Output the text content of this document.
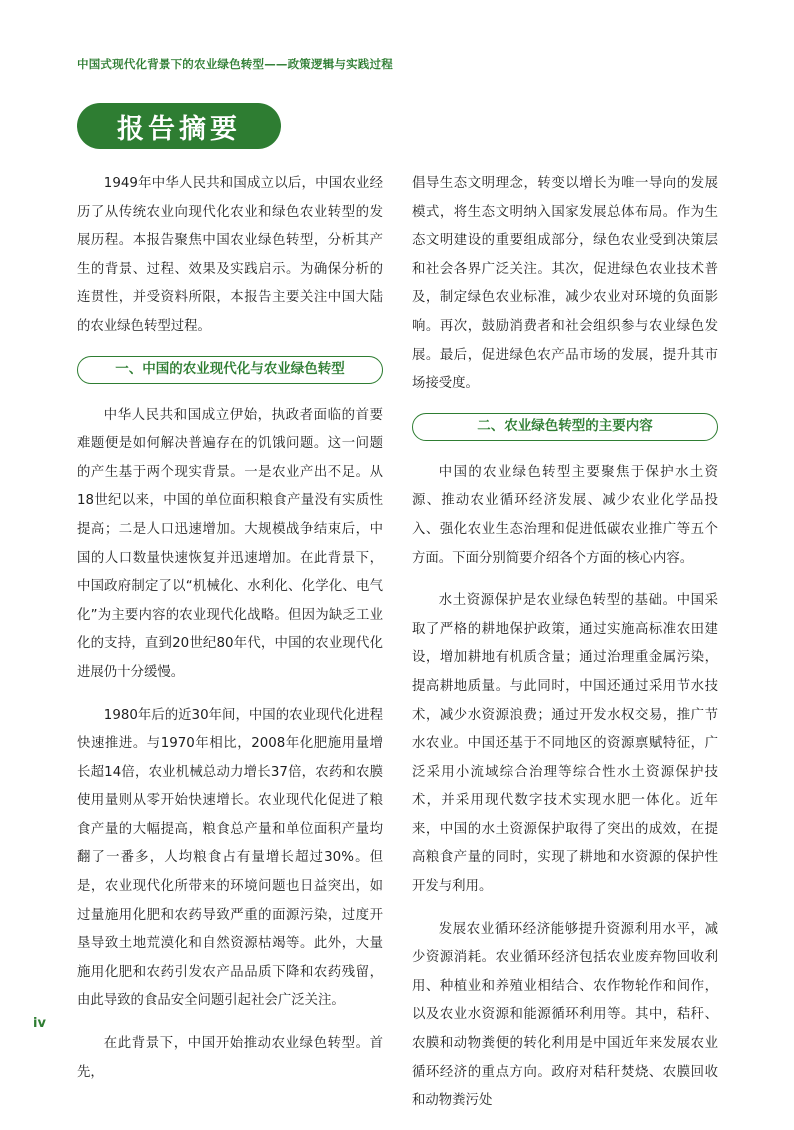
中国式现代化背景下的农业绿色转型——政策逻辑与实践过程
报告摘要

1949年中华人民共和国成立以后，中国农业经历了从传统农业向现代化农业和绿色农业转型的发展历程。本报告聚焦中国农业绿色转型，分析其产生的背景、过程、效果及实践启示。为确保分析的连贯性，并受资料所限，本报告主要关注中国大陆的农业绿色转型过程。

一、中国的农业现代化与农业绿色转型

中华人民共和国成立伊始，执政者面临的首要难题便是如何解决普遍存在的饥饿问题。这一问题的产生基于两个现实背景。一是农业产出不足。从18世纪以来，中国的单位面积粮食产量没有实质性提高；二是人口迅速增加。大规模战争结束后，中国的人口数量快速恢复并迅速增加。在此背景下，中国政府制定了以“机械化、水利化、化学化、电气化”为主要内容的农业现代化战略。但因为缺乏工业化的支持，直到20世纪80年代，中国的农业现代化进展仍十分缓慢。

1980年后的近30年间，中国的农业现代化进程快速推进。与1970年相比，2008年化肥施用量增长超14倍，农业机械总动力增长37倍，农药和农膜使用量则从零开始快速增长。农业现代化促进了粮食产量的大幅提高，粮食总产量和单位面积产量均翻了一番多，人均粮食占有量增长超过30%。但是，农业现代化所带来的环境问题也日益突出，如过量施用化肥和农药导致严重的面源污染，过度开垦导致土地荒漠化和自然资源枯竭等。此外，大量施用化肥和农药引发农产品品质下降和农药残留，由此导致的食品安全问题引起社会广泛关注。

在此背景下，中国开始推动农业绿色转型。首先，

倡导生态文明理念，转变以增长为唯一导向的发展模式，将生态文明纳入国家发展总体布局。作为生态文明建设的重要组成部分，绿色农业受到决策层和社会各界广泛关注。其次，促进绿色农业技术普及，制定绿色农业标准，减少农业对环境的负面影响。再次，鼓励消费者和社会组织参与农业绿色发展。最后，促进绿色农产品市场的发展，提升其市场接受度。

二、农业绿色转型的主要内容

中国的农业绿色转型主要聚焦于保护水土资源、推动农业循环经济发展、减少农业化学品投入、强化农业生态治理和促进低碳农业推广等五个方面。下面分别简要介绍各个方面的核心内容。

水土资源保护是农业绿色转型的基础。中国采取了严格的耕地保护政策，通过实施高标准农田建设，增加耕地有机质含量；通过治理重金属污染，提高耕地质量。与此同时，中国还通过采用节水技术，减少水资源浪费；通过开发水权交易，推广节水农业。中国还基于不同地区的资源禀赋特征，广泛采用小流域综合治理等综合性水土资源保护技术，并采用现代数字技术实现水肥一体化。近年来，中国的水土资源保护取得了突出的成效，在提高粮食产量的同时，实现了耕地和水资源的保护性开发与利用。

发展农业循环经济能够提升资源利用水平，减少资源消耗。农业循环经济包括农业废弃物回收利用、种植业和养殖业相结合、农作物轮作和间作，以及农业水资源和能源循环利用等。其中，秸秆、农膜和动物粪便的转化利用是中国近年来发展农业循环经济的重点方向。政府对秸秆焚烧、农膜回收和动物粪污处

iv
